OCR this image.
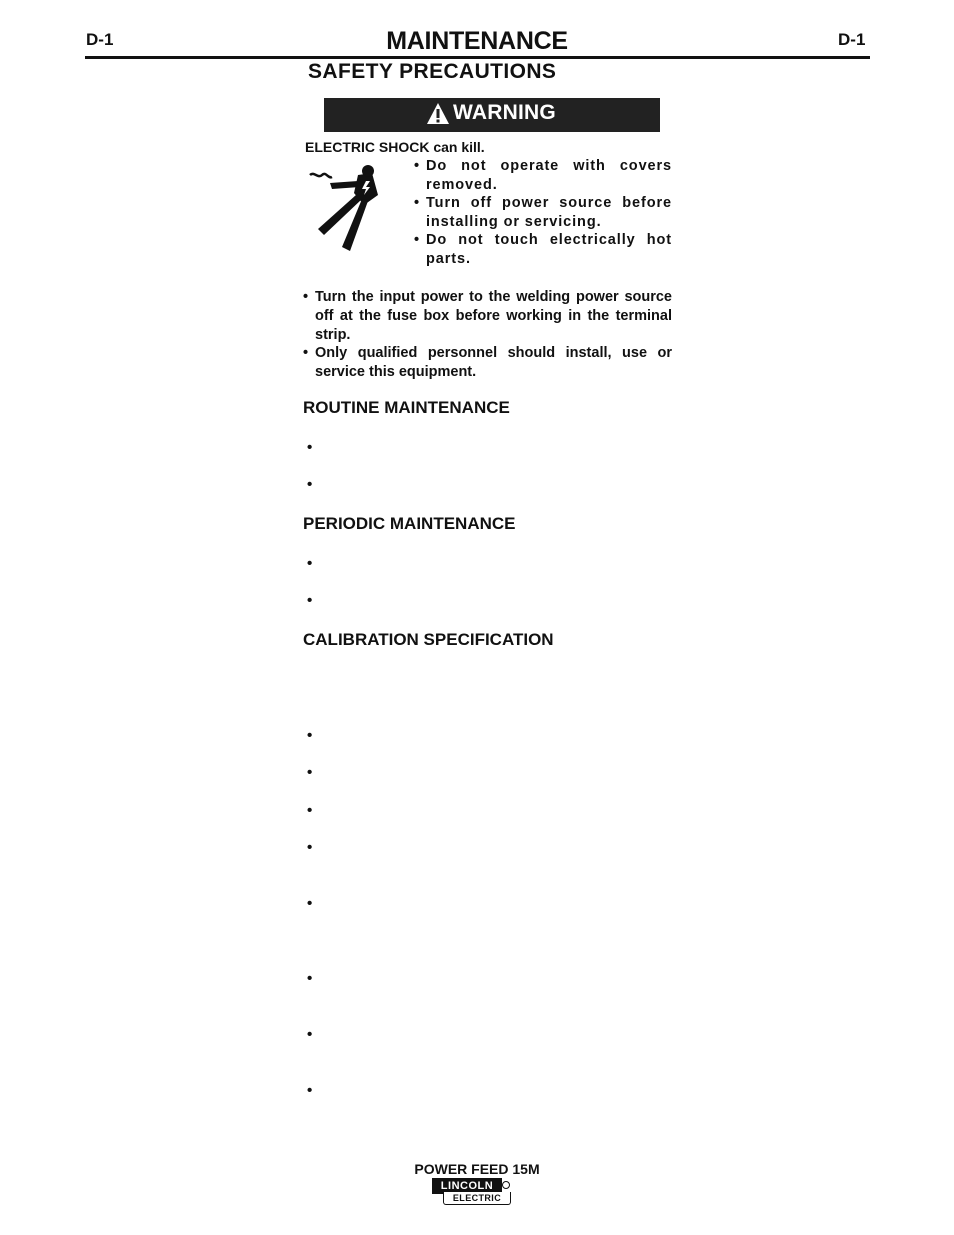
D-1	MAINTENANCE	D-1
SAFETY PRECAUTIONS
WARNING
ELECTRIC SHOCK can kill.
• Do not operate with covers removed.
• Turn off power source before installing or servicing.
• Do not touch electrically hot parts.
• Turn the input power to the welding power source off at the fuse box before working in the terminal strip.
• Only qualified personnel should install, use or service this equipment.
ROUTINE MAINTENANCE
•
•
PERIODIC MAINTENANCE
•
•
CALIBRATION SPECIFICATION
•
•
•
•
•
•
•
•
POWER FEED 15M
LINCOLN
ELECTRIC
